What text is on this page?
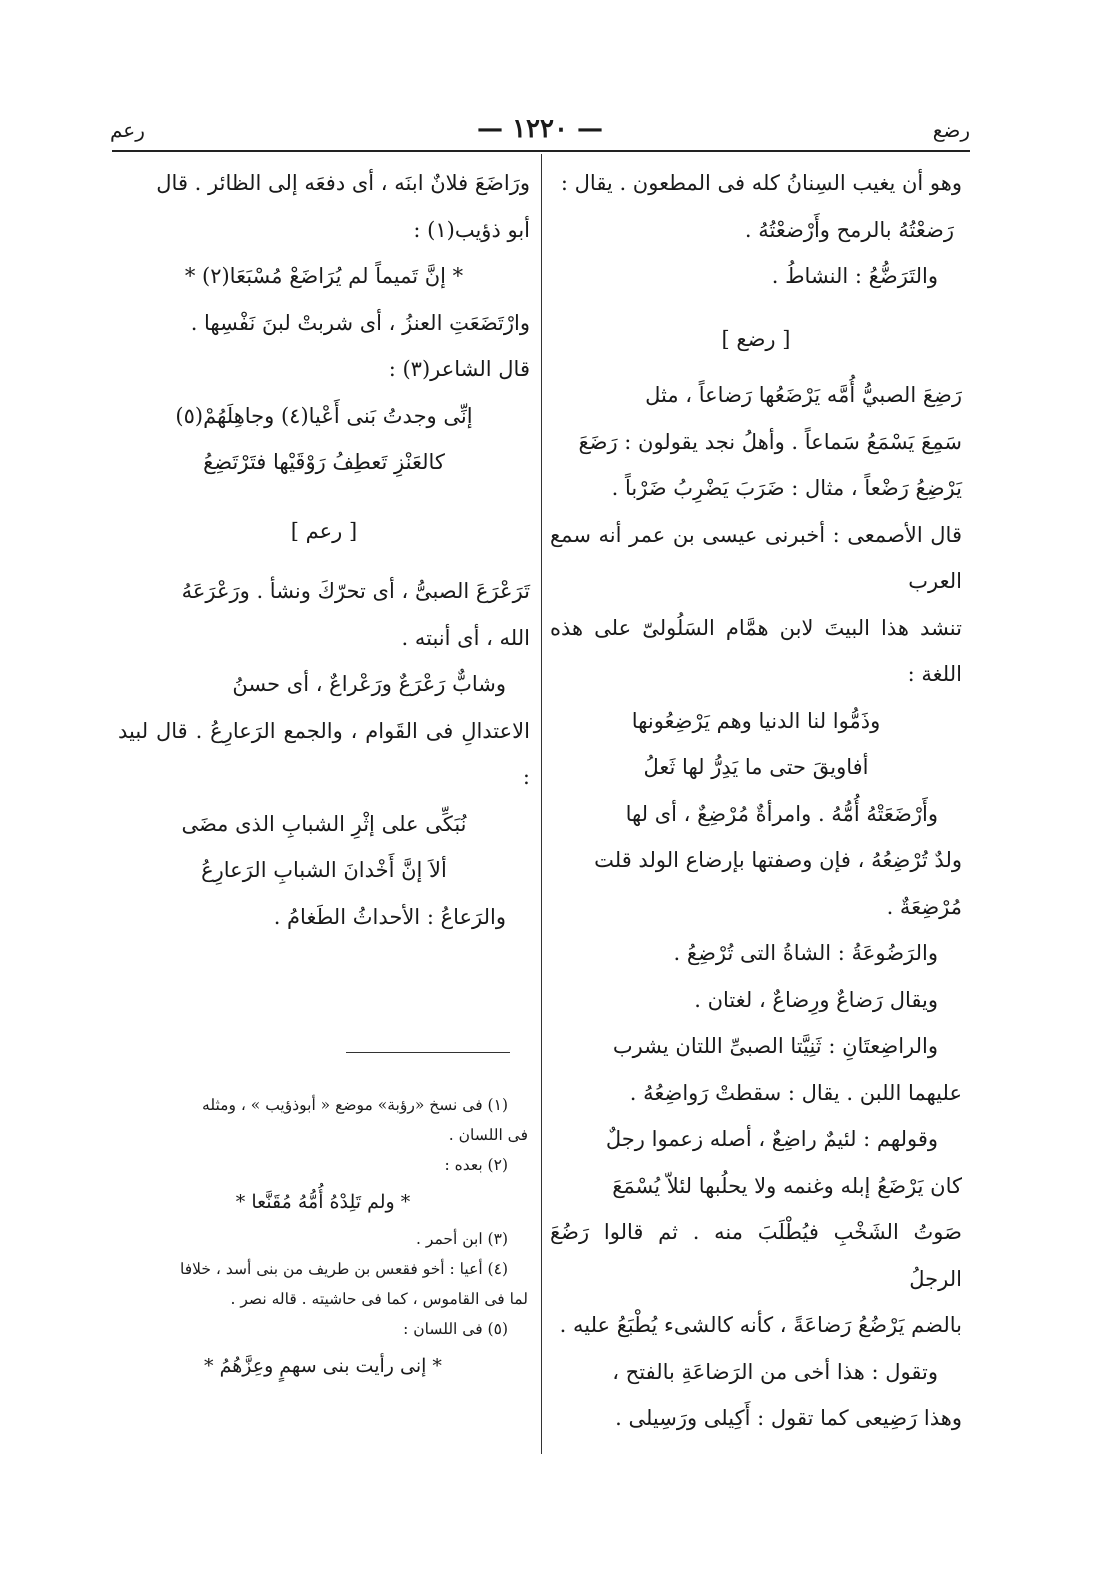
رضع
— ١٢٢٠ —
رعم

وهو أن يغيب السِنانُ كله فى المطعون . يقال :

رَضعْتُهُ بالرمح وأَرْضعْتُهُ .

والتَرَضُّعُ : النشاطُ .

[ رضع ]

رَضِعَ الصبيُّ أُمَّه يَرْضَعُها رَضاعاً ، مثل

سَمِعَ يَسْمَعُ سَماعاً . وأهلُ نجد يقولون : رَضَعَ

يَرْضِعُ رَضْعاً ، مثال : ضَرَبَ يَضْرِبُ ضَرْباً .

قال الأصمعى : أخبرنى عيسى بن عمر أنه سمع العرب

تنشد هذا البيتَ لابن همَّام السَلُولىّ على هذه اللغة :

وذَمُّوا لنا الدنيا وهم يَرْضِعُونها

أفاويقَ حتى ما يَدِرُّ لها ثَعلُ

وأَرْضَعَتْهُ أُمُّهُ . وامرأةٌ مُرْضِعٌ ، أى لها

ولدٌ تُرْضِعُهُ ، فإن وصفتها بإرضاع الولد قلت

مُرْضِعَةٌ .

والرَضُوعَةُ : الشاةُ التى تُرْضِعُ .

ويقال رَضاعٌ ورِضاعٌ ، لغتان .

والراضِعتَانِ : ثَنِيَّتا الصبىِّ اللتان يشرب

عليهما اللبن . يقال : سقطتْ رَواضِعُهُ .

وقولهم : لئيمٌ راضِعٌ ، أصله زعموا رجلٌ

كان يَرْضَعُ إبله وغنمه ولا يحلُبها لئلاّ يُسْمَعَ

صَوتُ الشَخْبِ فيُطْلَبَ منه . ثم قالوا رَضُعَ الرجلُ

بالضم يَرْضُعُ رَضاعَةً ، كأنه كالشىء يُطْبَعُ عليه .

وتقول : هذا أخى من الرَضاعَةِ بالفتح ،

وهذا رَضِيعى كما تقول : أَكِيلى ورَسِيلى .

ورَاضَعَ فلانٌ ابنَه ، أى دفعَه إلى الظائر . قال

أبو ذؤيب(١) :

* إنَّ تَميماً لم يُرَاضَعْ مُسْبَعَا(٢) *

وارْتَضَعَتِ العنزُ ، أى شربتْ لبنَ نَفْسِها .

قال الشاعر(٣) :

إنِّى وجدتُ بَنى أَعْيا(٤) وجاهِلَهُمْ(٥)

كالعَنْزِ تَعطِفُ رَوْقَيْها فتَرْتَضِعُ

[ رعم ]

تَرَعْرَعَ الصبىُّ ، أى تحرّكَ ونشأ . ورَعْرَعَهُ

الله ، أى أنبته .

وشابٌّ رَعْرَعٌ ورَعْراعٌ ، أى حسنُ

الاعتدالِ فى القَوام ، والجمع الرَعارِعُ . قال لبيد :

نُبَكِّى على إثْرِ الشبابِ الذى مضَى

ألاَ إنَّ أَخْدانَ الشبابِ الرَعارِعُ

والرَعاعُ : الأحداثُ الطَغامُ .

(١) فى نسخ «رؤبة» موضع « أبوذؤيب » ، ومثله

فى اللسان .

(٢) بعده :

* ولم تَلِدْهُ أُمُّهُ مُقَنَّعا *

(٣) ابن أحمر .

(٤) أعيا : أخو فقعس بن طريف من بنى أسد ، خلافا

لما فى القاموس ، كما فى حاشيته . قاله نصر .

(٥) فى اللسان :

* إنى رأيت بنى سهمٍ وعِزَّهُمُ *
